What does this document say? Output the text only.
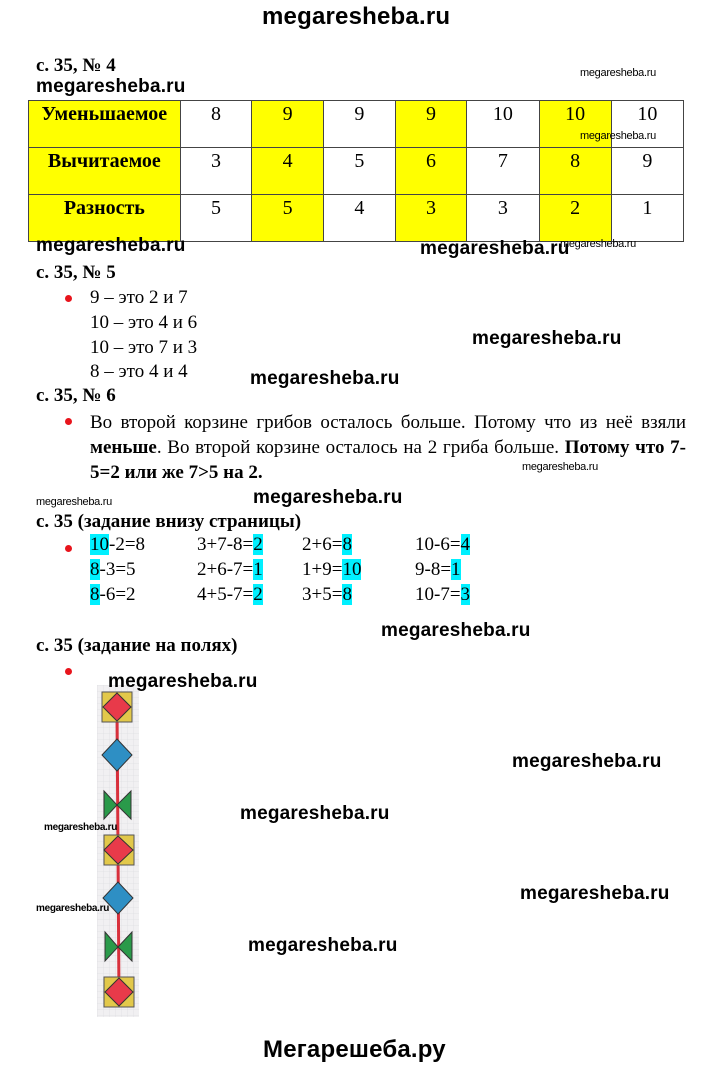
megaresheba.ru
с. 35, № 4
megaresheba.ru
megaresheba.ru
Уменьшаемое	8	9	9	9	10	10	10
Вычитаемое	3	4	5	6	7	8	9
Разность	5	5	4	3	3	2	1
megaresheba.ru
megaresheba.ru
megaresheba.ru
megaresheba.ru
с. 35, № 5
9 – это 2 и 7
10 – это 4 и 6
10 – это 7 и 3
8 – это 4 и 4
megaresheba.ru
megaresheba.ru
с. 35, № 6
Во второй корзине грибов осталось больше. Потому что из неё взяли меньше. Во второй корзине осталось на 2 гриба больше. Потому что 7-5=2 или же 7>5 на 2.	megaresheba.ru
megaresheba.ru	megaresheba.ru
с. 35 (задание внизу страницы)
10-2=8	3+7-8=2 2+6=8	10-6=4
8-3=5	2+6-7=1 1+9=10	9-8=1
8-6=2	4+5-7=2 3+5=8	10-7=3
megaresheba.ru
с. 35 (задание на полях)
megaresheba.ru
megaresheba.ru
megaresheba.ru
megaresheba.ru
megaresheba.ru
megaresheba.ru
megaresheba.ru
Мегарешеба.ру
